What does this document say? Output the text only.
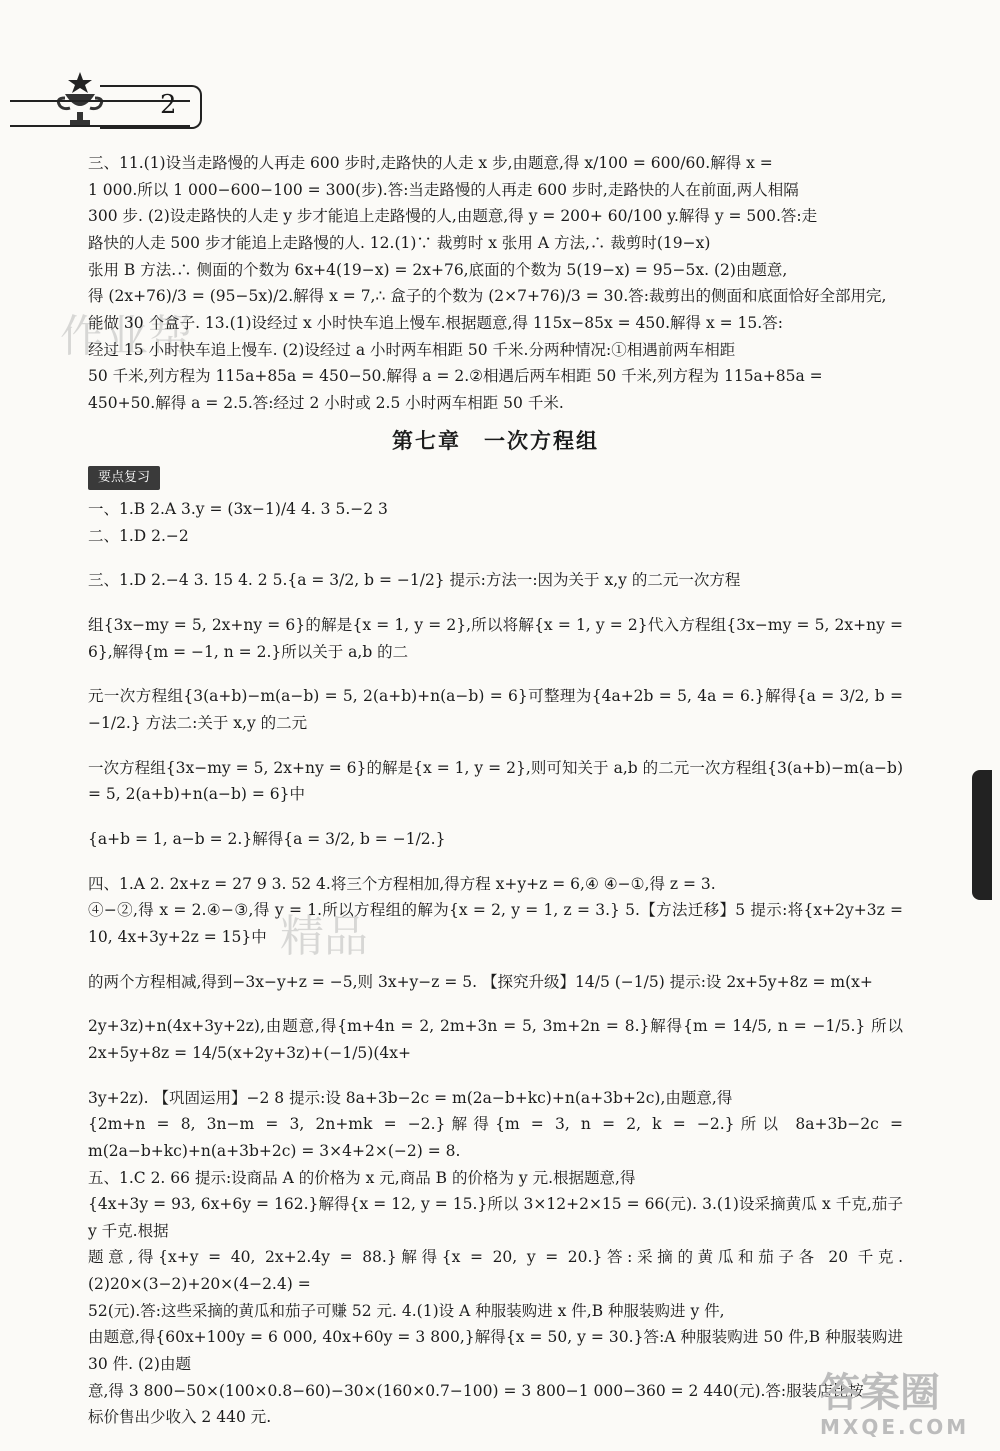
2
作业帮
精品

三、11.(1)设当走路慢的人再走 600 步时,走路快的人走 x 步,由题意,得 x/100 = 600/60.解得 x =

1 000.所以 1 000−600−100 = 300(步).答:当走路慢的人再走 600 步时,走路快的人在前面,两人相隔

300 步. (2)设走路快的人走 y 步才能追上走路慢的人,由题意,得 y = 200+ 60/100 y.解得 y = 500.答:走

路快的人走 500 步才能追上走路慢的人. 12.(1)∵ 裁剪时 x 张用 A 方法,∴ 裁剪时(19−x)

张用 B 方法.∴ 侧面的个数为 6x+4(19−x) = 2x+76,底面的个数为 5(19−x) = 95−5x. (2)由题意,

得 (2x+76)/3 = (95−5x)/2.解得 x = 7,∴ 盒子的个数为 (2×7+76)/3 = 30.答:裁剪出的侧面和底面恰好全部用完,

能做 30 个盒子. 13.(1)设经过 x 小时快车追上慢车.根据题意,得 115x−85x = 450.解得 x = 15.答:

经过 15 小时快车追上慢车. (2)设经过 a 小时两车相距 50 千米.分两种情况:①相遇前两车相距

50 千米,列方程为 115a+85a = 450−50.解得 a = 2.②相遇后两车相距 50 千米,列方程为 115a+85a =

450+50.解得 a = 2.5.答:经过 2 小时或 2.5 小时两车相距 50 千米.

第七章　一次方程组
要点复习

一、1.B 2.A 3.y = (3x−1)/4 4. 3 5.−2 3

二、1.D 2.−2

三、1.D 2.−4 3. 15 4. 2 5.{a = 3/2, b = −1/2} 提示:方法一:因为关于 x,y 的二元一次方程

组{3x−my = 5, 2x+ny = 6}的解是{x = 1, y = 2},所以将解{x = 1, y = 2}代入方程组{3x−my = 5, 2x+ny = 6},解得{m = −1, n = 2.}所以关于 a,b 的二

元一次方程组{3(a+b)−m(a−b) = 5, 2(a+b)+n(a−b) = 6}可整理为{4a+2b = 5, 4a = 6.}解得{a = 3/2, b = −1/2.} 方法二:关于 x,y 的二元

一次方程组{3x−my = 5, 2x+ny = 6}的解是{x = 1, y = 2},则可知关于 a,b 的二元一次方程组{3(a+b)−m(a−b) = 5, 2(a+b)+n(a−b) = 6}中

{a+b = 1, a−b = 2.}解得{a = 3/2, b = −1/2.}

四、1.A 2. 2x+z = 27 9 3. 52 4.将三个方程相加,得方程 x+y+z = 6,④ ④−①,得 z = 3.

④−②,得 x = 2.④−③,得 y = 1.所以方程组的解为{x = 2, y = 1, z = 3.} 5.【方法迁移】5 提示:将{x+2y+3z = 10, 4x+3y+2z = 15}中

的两个方程相减,得到−3x−y+z = −5,则 3x+y−z = 5. 【探究升级】14/5 (−1/5) 提示:设 2x+5y+8z = m(x+

2y+3z)+n(4x+3y+2z),由题意,得{m+4n = 2, 2m+3n = 5, 3m+2n = 8.}解得{m = 14/5, n = −1/5.} 所以 2x+5y+8z = 14/5(x+2y+3z)+(−1/5)(4x+

3y+2z). 【巩固运用】−2 8 提示:设 8a+3b−2c = m(2a−b+kc)+n(a+3b+2c),由题意,得

{2m+n = 8, 3n−m = 3, 2n+mk = −2.}解得{m = 3, n = 2, k = −2.}所以 8a+3b−2c = m(2a−b+kc)+n(a+3b+2c) = 3×4+2×(−2) = 8.

五、1.C 2. 66 提示:设商品 A 的价格为 x 元,商品 B 的价格为 y 元.根据题意,得

{4x+3y = 93, 6x+6y = 162.}解得{x = 12, y = 15.}所以 3×12+2×15 = 66(元). 3.(1)设采摘黄瓜 x 千克,茄子 y 千克.根据

题意,得{x+y = 40, 2x+2.4y = 88.}解得{x = 20, y = 20.}答:采摘的黄瓜和茄子各 20 千克. (2)20×(3−2)+20×(4−2.4) =

52(元).答:这些采摘的黄瓜和茄子可赚 52 元. 4.(1)设 A 种服装购进 x 件,B 种服装购进 y 件,

由题意,得{60x+100y = 6 000, 40x+60y = 3 800,}解得{x = 50, y = 30.}答:A 种服装购进 50 件,B 种服装购进 30 件. (2)由题

意,得 3 800−50×(100×0.8−60)−30×(160×0.7−100) = 3 800−1 000−360 = 2 440(元).答:服装店比按

标价售出少收入 2 440 元.

答案圈
MXQE.COM
